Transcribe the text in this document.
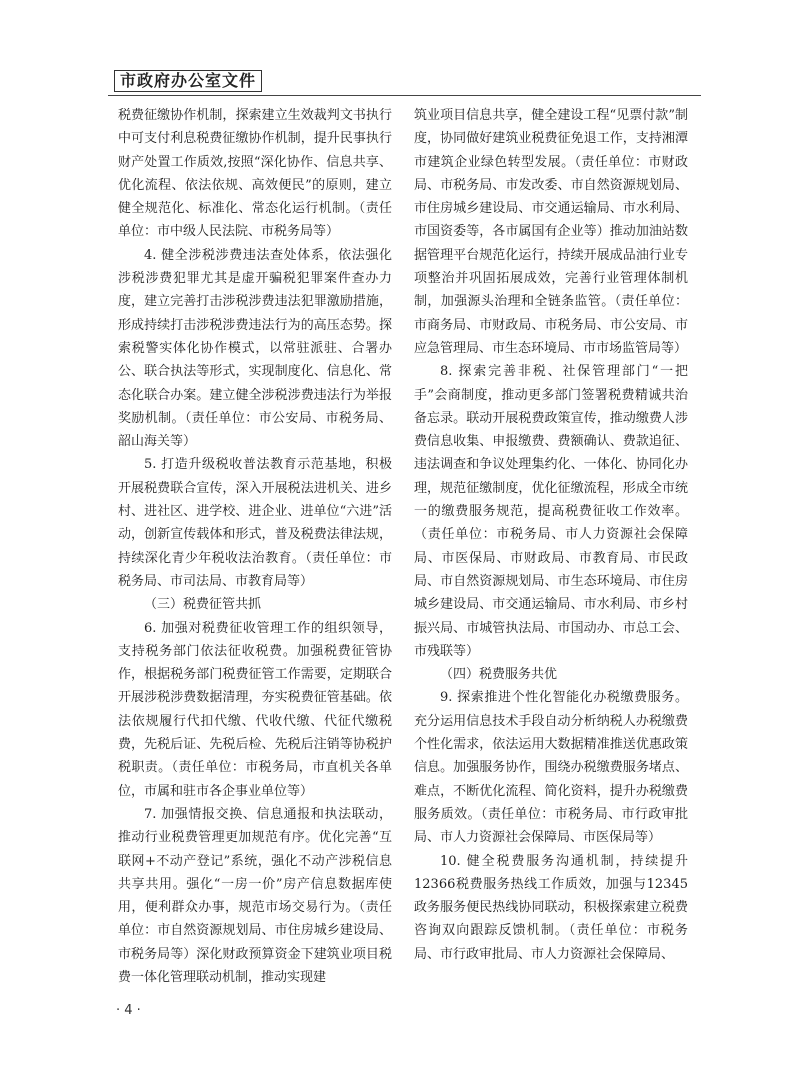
市政府办公室文件

税费征缴协作机制，探索建立生效裁判文书执行中可支付利息税费征缴协作机制，提升民事执行财产处置工作质效,按照“深化协作、信息共享、优化流程、依法依规、高效便民”的原则，建立健全规范化、标准化、常态化运行机制。（责任单位：市中级人民法院、市税务局等）

4. 健全涉税涉费违法查处体系，依法强化涉税涉费犯罪尤其是虚开骗税犯罪案件查办力度，建立完善打击涉税涉费违法犯罪激励措施，形成持续打击涉税涉费违法行为的高压态势。探索税警实体化协作模式，以常驻派驻、合署办公、联合执法等形式，实现制度化、信息化、常态化联合办案。建立健全涉税涉费违法行为举报奖励机制。（责任单位：市公安局、市税务局、韶山海关等）

5. 打造升级税收普法教育示范基地，积极开展税费联合宣传，深入开展税法进机关、进乡村、进社区、进学校、进企业、进单位“六进”活动，创新宣传载体和形式，普及税费法律法规，持续深化青少年税收法治教育。（责任单位：市税务局、市司法局、市教育局等）

（三）税费征管共抓

6. 加强对税费征收管理工作的组织领导，支持税务部门依法征收税费。加强税费征管协作，根据税务部门税费征管工作需要，定期联合开展涉税涉费数据清理，夯实税费征管基础。依法依规履行代扣代缴、代收代缴、代征代缴税费，先税后证、先税后检、先税后注销等协税护税职责。（责任单位：市税务局，市直机关各单位，市属和驻市各企事业单位等）

7. 加强情报交换、信息通报和执法联动，推动行业税费管理更加规范有序。优化完善“互联网+不动产登记”系统，强化不动产涉税信息共享共用。强化“一房一价”房产信息数据库使用，便利群众办事，规范市场交易行为。（责任单位：市自然资源规划局、市住房城乡建设局、市税务局等）深化财政预算资金下建筑业项目税费一体化管理联动机制，推动实现建

筑业项目信息共享，健全建设工程“见票付款”制度，协同做好建筑业税费征免退工作，支持湘潭市建筑企业绿色转型发展。（责任单位：市财政局、市税务局、市发改委、市自然资源规划局、市住房城乡建设局、市交通运输局、市水利局、市国资委等，各市属国有企业等）推动加油站数据管理平台规范化运行，持续开展成品油行业专项整治并巩固拓展成效，完善行业管理体制机制，加强源头治理和全链条监管。（责任单位：市商务局、市财政局、市税务局、市公安局、市应急管理局、市生态环境局、市市场监管局等）

8. 探索完善非税、社保管理部门“一把手”会商制度，推动更多部门签署税费精诚共治备忘录。联动开展税费政策宣传，推动缴费人涉费信息收集、申报缴费、费额确认、费款追征、违法调查和争议处理集约化、一体化、协同化办理，规范征缴制度，优化征缴流程，形成全市统一的缴费服务规范，提高税费征收工作效率。（责任单位：市税务局、市人力资源社会保障局、市医保局、市财政局、市教育局、市民政局、市自然资源规划局、市生态环境局、市住房城乡建设局、市交通运输局、市水利局、市乡村振兴局、市城管执法局、市国动办、市总工会、市残联等）

（四）税费服务共优

9. 探索推进个性化智能化办税缴费服务。充分运用信息技术手段自动分析纳税人办税缴费个性化需求，依法运用大数据精准推送优惠政策信息。加强服务协作，围绕办税缴费服务堵点、难点，不断优化流程、简化资料，提升办税缴费服务质效。（责任单位：市税务局、市行政审批局、市人力资源社会保障局、市医保局等）

10. 健全税费服务沟通机制，持续提升12366税费服务热线工作质效，加强与12345政务服务便民热线协同联动，积极探索建立税费咨询双向跟踪反馈机制。（责任单位：市税务局、市行政审批局、市人力资源社会保障局、

· 4 ·
